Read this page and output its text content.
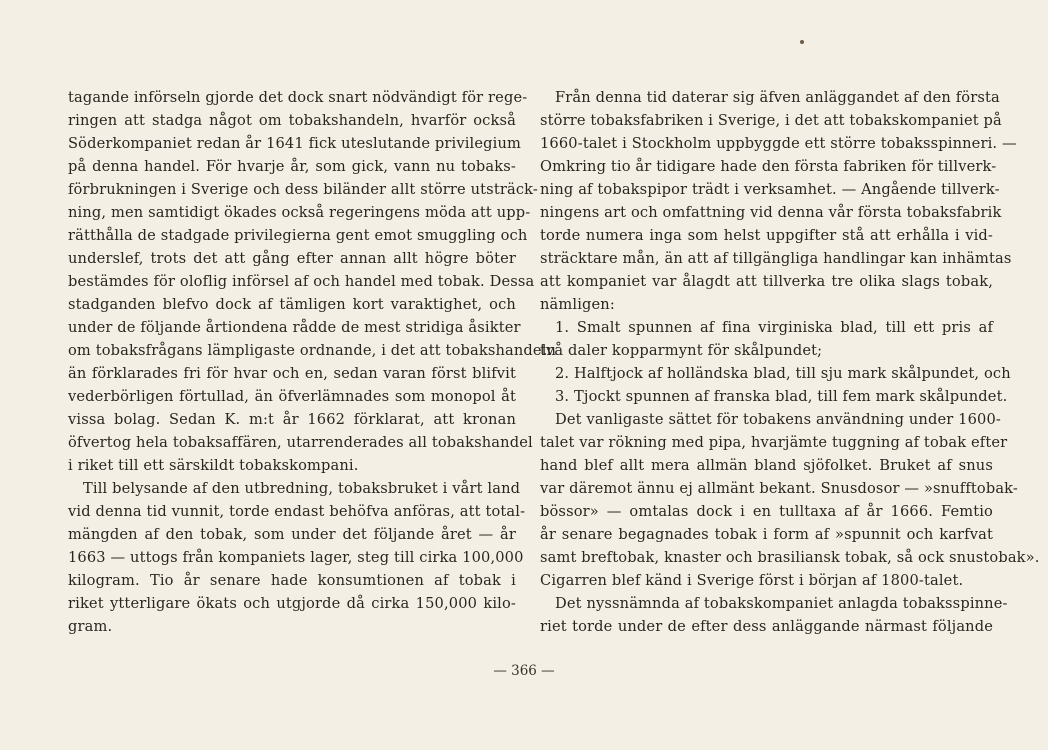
tagande införseln gjorde det dock snart nödvändigt för rege-
ringen att stadga något om tobakshandeln, hvarför också
Söderkompaniet redan år 1641 fick uteslutande privilegium
på denna handel. För hvarje år, som gick, vann nu tobaks-
förbrukningen i Sverige och dess biländer allt större utsträck-
ning, men samtidigt ökades också regeringens möda att upp-
rätthålla de stadgade privilegierna gent emot smuggling och
underslef, trots det att gång efter annan allt högre böter
bestämdes för oloflig införsel af och handel med tobak. Dessa
stadganden blefvo dock af tämligen kort varaktighet, och
under de följande årtiondena rådde de mest stridiga åsikter
om tobaksfrågans lämpligaste ordnande, i det att tobakshandeln
än förklarades fri för hvar och en, sedan varan först blifvit
vederbörligen förtullad, än öfverlämnades som monopol åt
vissa bolag. Sedan K. m:t år 1662 förklarat, att kronan
öfvertog hela tobaksaffären, utarrenderades all tobakshandel
i riket till ett särskildt tobakskompani.
Till belysande af den utbredning, tobaksbruket i vårt land
vid denna tid vunnit, torde endast behöfva anföras, att total-
mängden af den tobak, som under det följande året — år
1663 — uttogs från kompaniets lager, steg till cirka 100,000
kilogram. Tio år senare hade konsumtionen af tobak i
riket ytterligare ökats och utgjorde då cirka 150,000 kilo-
gram.
Från denna tid daterar sig äfven anläggandet af den första
större tobaksfabriken i Sverige, i det att tobakskompaniet på
1660-talet i Stockholm uppbyggde ett större tobaksspinneri. —
Omkring tio år tidigare hade den första fabriken för tillverk-
ning af tobakspipor trädt i verksamhet. — Angående tillverk-
ningens art och omfattning vid denna vår första tobaksfabrik
torde numera inga som helst uppgifter stå att erhålla i vid-
sträcktare mån, än att af tillgängliga handlingar kan inhämtas
att kompaniet var ålagdt att tillverka tre olika slags tobak,
nämligen:
1. Smalt spunnen af fina virginiska blad, till ett pris af
två daler kopparmynt för skålpundet;
2. Halftjock af holländska blad, till sju mark skålpundet, och
3. Tjockt spunnen af franska blad, till fem mark skålpundet.
Det vanligaste sättet för tobakens användning under 1600-
talet var rökning med pipa, hvarjämte tuggning af tobak efter
hand blef allt mera allmän bland sjöfolket. Bruket af snus
var däremot ännu ej allmänt bekant. Snusdosor — »snufftobak-
bössor» — omtalas dock i en tulltaxa af år 1666. Femtio
år senare begagnades tobak i form af »spunnit och karfvat
samt breftobak, knaster och brasiliansk tobak, så ock snustobak».
Cigarren blef känd i Sverige först i början af 1800-talet.
Det nyssnämnda af tobakskompaniet anlagda tobaksspinne-
riet torde under de efter dess anläggande närmast följande
— 366 —
